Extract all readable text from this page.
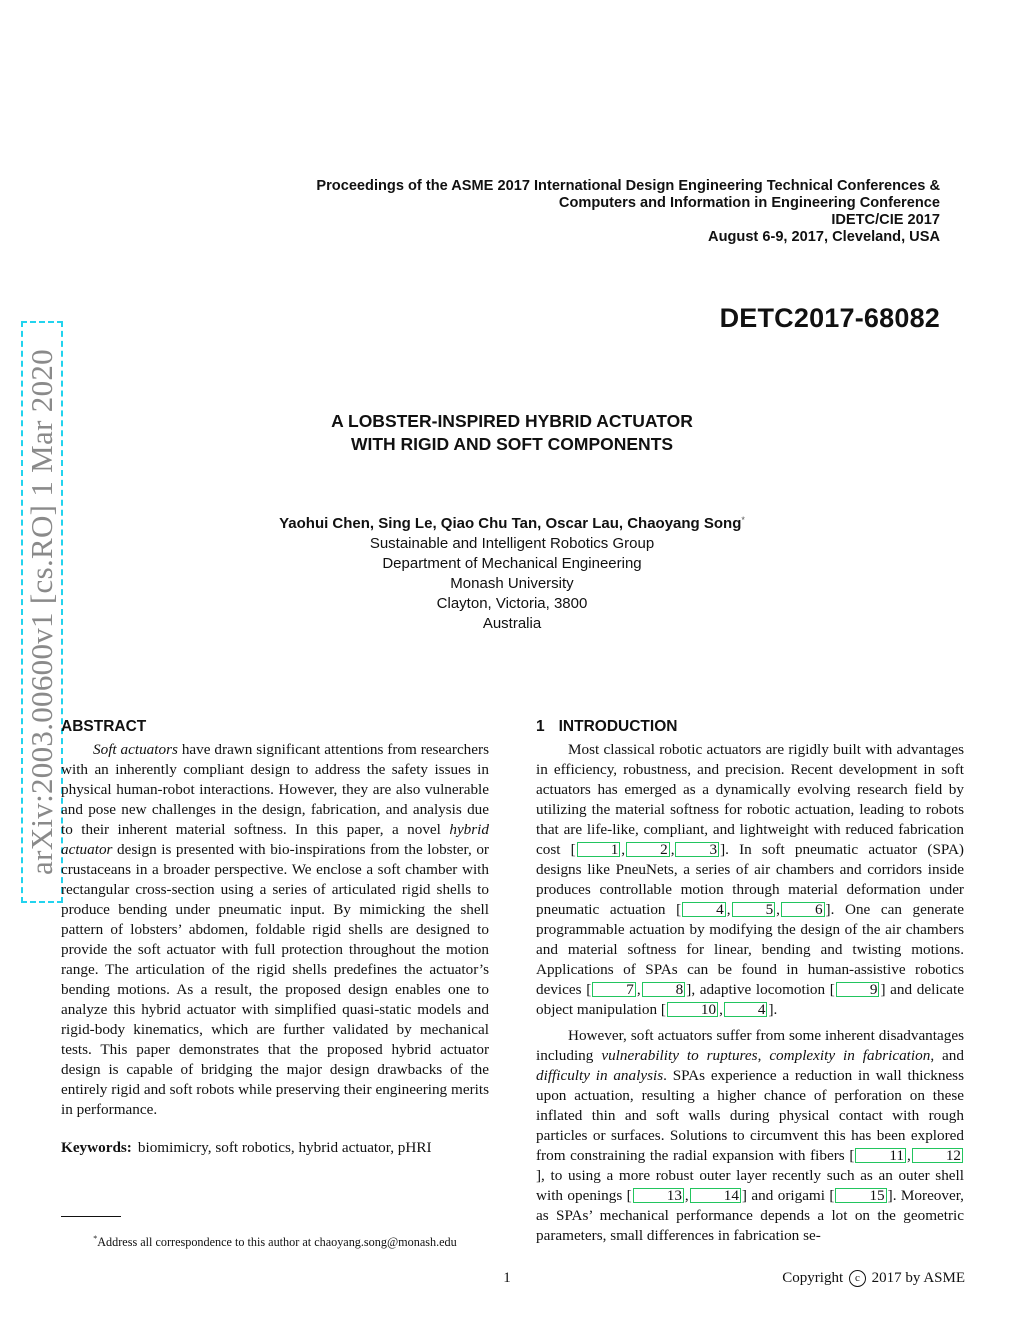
Proceedings of the ASME 2017 International Design Engineering Technical Conferences &
Computers and Information in Engineering Conference
IDETC/CIE 2017
August 6-9, 2017, Cleveland, USA
DETC2017-68082
arXiv:2003.00600v1 [cs.RO] 1 Mar 2020	A LOBSTER-INSPIRED HYBRID ACTUATOR
WITH RIGID AND SOFT COMPONENTS
Yaohui Chen, Sing Le, Qiao Chu Tan, Oscar Lau, Chaoyang Song*
Sustainable and Intelligent Robotics Group
Department of Mechanical Engineering
Monash University
Clayton, Victoria, 3800
Australia
ABSTRACT

Soft actuators have drawn significant attentions from researchers with an inherently compliant design to address the safety issues in physical human-robot interactions. However, they are also vulnerable and pose new challenges in the design, fabrication, and analysis due to their inherent material softness. In this paper, a novel hybrid actuator design is presented with bio-inspirations from the lobster, or crustaceans in a broader perspective. We enclose a soft chamber with rectangular cross-section using a series of articulated rigid shells to produce bending under pneumatic input. By mimicking the shell pattern of lobsters’ abdomen, foldable rigid shells are designed to provide the soft actuator with full protection throughout the motion range. The articulation of the rigid shells predefines the actuator’s bending motions. As a result, the proposed design enables one to analyze this hybrid actuator with simplified quasi-static models and rigid-body kinematics, which are further validated by mechanical tests. This paper demonstrates that the proposed hybrid actuator design is capable of bridging the major design drawbacks of the entirely rigid and soft robots while preserving their engineering merits in performance.

Keywords: biomimicry, soft robotics, hybrid actuator, pHRI
*Address all correspondence to this author at chaoyang.song@monash.edu
1 INTRODUCTION

Most classical robotic actuators are rigidly built with advantages in efficiency, robustness, and precision. Recent development in soft actuators has emerged as a dynamically evolving research field by utilizing the material softness for robotic actuation, leading to robots that are life-like, compliant, and lightweight with reduced fabrication cost [ 1 , 2 , 3 ]. In soft pneumatic actuator (SPA) designs like PneuNets, a series of air chambers and corridors inside produces controllable motion through material deformation under pneumatic actuation [ 4 , 5 , 6 ]. One can generate programmable actuation by modifying the design of the air chambers and material softness for linear, bending and twisting motions. Applications of SPAs can be found in human-assistive robotics devices [ 7 , 8 ], adaptive locomotion [ 9 ] and delicate object manipulation [ 10 , 4 ].

However, soft actuators suffer from some inherent disadvantages including vulnerability to ruptures, complexity in fabrication, and difficulty in analysis. SPAs experience a reduction in wall thickness upon actuation, resulting a higher chance of perforation on these inflated thin and soft walls during physical contact with rough particles or surfaces. Solutions to circumvent this has been explored from constraining the radial expansion with fibers [ 11 , 12], to using a more robust outer layer recently such as an outer shell with openings [ 13 , 14 ] and origami [ 15 ]. Moreover, as SPAs’ mechanical performance depends a lot on the geometric parameters, small differences in fabrication se-

1	Copyright c 2017 by ASME
